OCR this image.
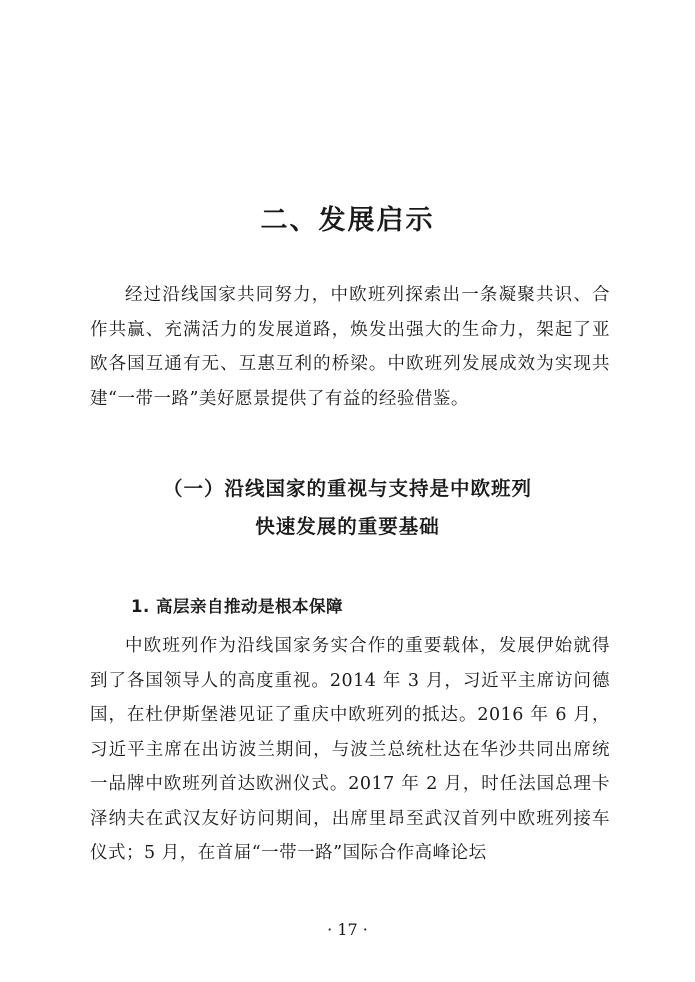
二、发展启示

经过沿线国家共同努力，中欧班列探索出一条凝聚共识、合作共赢、充满活力的发展道路，焕发出强大的生命力，架起了亚欧各国互通有无、互惠互利的桥梁。中欧班列发展成效为实现共建“一带一路”美好愿景提供了有益的经验借鉴。

（一）沿线国家的重视与支持是中欧班列
快速发展的重要基础
1. 高层亲自推动是根本保障

中欧班列作为沿线国家务实合作的重要载体，发展伊始就得到了各国领导人的高度重视。2014 年 3 月，习近平主席访问德国，在杜伊斯堡港见证了重庆中欧班列的抵达。2016 年 6 月，习近平主席在出访波兰期间，与波兰总统杜达在华沙共同出席统一品牌中欧班列首达欧洲仪式。2017 年 2 月，时任法国总理卡泽纳夫在武汉友好访问期间，出席里昂至武汉首列中欧班列接车仪式；5 月，在首届“一带一路”国际合作高峰论坛

· 17 ·
